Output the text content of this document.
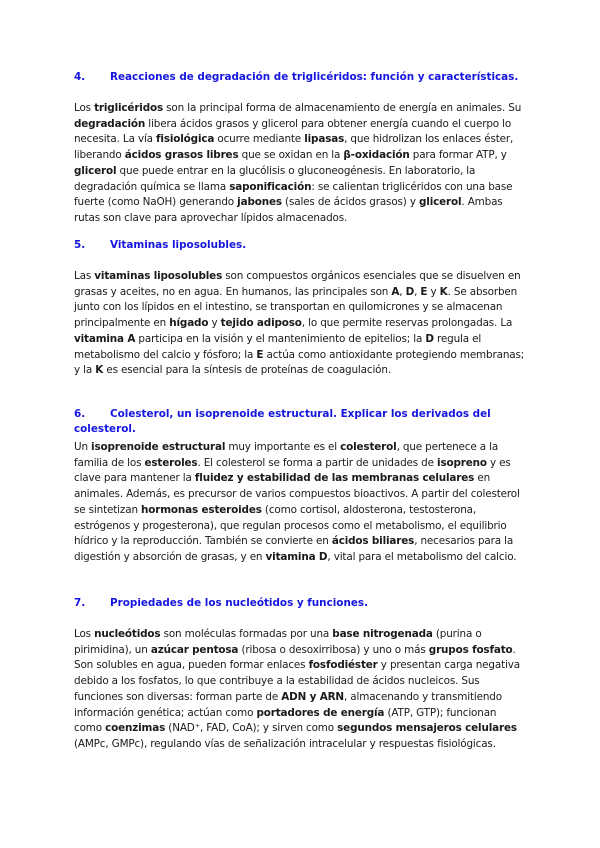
4. Reacciones de degradación de triglicéridos: función y características.

Los triglicéridos son la principal forma de almacenamiento de energía en animales. Su degradación libera ácidos grasos y glicerol para obtener energía cuando el cuerpo lo necesita. La vía fisiológica ocurre mediante lipasas, que hidrolizan los enlaces éster, liberando ácidos grasos libres que se oxidan en la β-oxidación para formar ATP, y glicerol que puede entrar en la glucólisis o gluconeogénesis. En laboratorio, la degradación química se llama saponificación: se calientan triglicéridos con una base fuerte (como NaOH) generando jabones (sales de ácidos grasos) y glicerol. Ambas rutas son clave para aprovechar lípidos almacenados.

5. Vitaminas liposolubles.

Las vitaminas liposolubles son compuestos orgánicos esenciales que se disuelven en grasas y aceites, no en agua. En humanos, las principales son A, D, E y K. Se absorben junto con los lípidos en el intestino, se transportan en quilomicrones y se almacenan principalmente en hígado y tejido adiposo, lo que permite reservas prolongadas. La vitamina A participa en la visión y el mantenimiento de epitelios; la D regula el metabolismo del calcio y fósforo; la E actúa como antioxidante protegiendo membranas; y la K es esencial para la síntesis de proteínas de coagulación.

6. Colesterol, un isoprenoide estructural. Explicar los derivados del colesterol.

Un isoprenoide estructural muy importante es el colesterol, que pertenece a la familia de los esteroles. El colesterol se forma a partir de unidades de isopreno y es clave para mantener la fluidez y estabilidad de las membranas celulares en animales. Además, es precursor de varios compuestos bioactivos. A partir del colesterol se sintetizan hormonas esteroides (como cortisol, aldosterona, testosterona, estrógenos y progesterona), que regulan procesos como el metabolismo, el equilibrio hídrico y la reproducción. También se convierte en ácidos biliares, necesarios para la digestión y absorción de grasas, y en vitamina D, vital para el metabolismo del calcio.

7. Propiedades de los nucleótidos y funciones.

Los nucleótidos son moléculas formadas por una base nitrogenada (purina o pirimidina), un azúcar pentosa (ribosa o desoxirribosa) y uno o más grupos fosfato. Son solubles en agua, pueden formar enlaces fosfodiéster y presentan carga negativa debido a los fosfatos, lo que contribuye a la estabilidad de ácidos nucleicos. Sus funciones son diversas: forman parte de ADN y ARN, almacenando y transmitiendo información genética; actúan como portadores de energía (ATP, GTP); funcionan como coenzimas (NAD⁺, FAD, CoA); y sirven como segundos mensajeros celulares (AMPc, GMPc), regulando vías de señalización intracelular y respuestas fisiológicas.
